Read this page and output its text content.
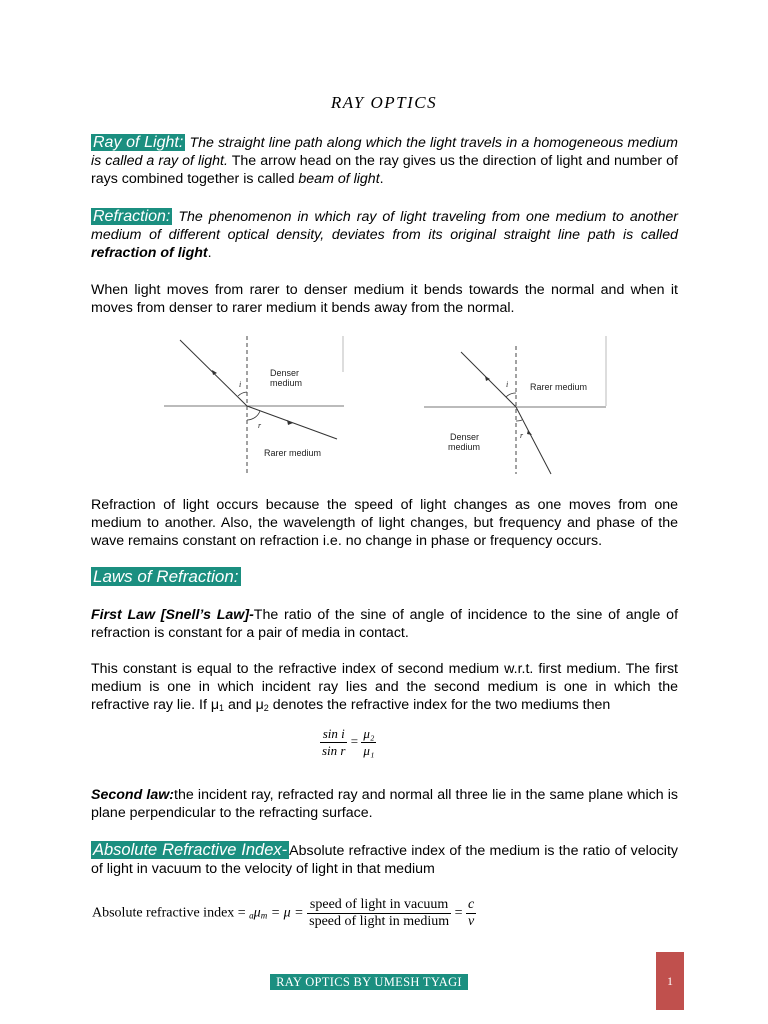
RAY OPTICS
Ray of Light: The straight line path along which the light travels in a homogeneous medium is called a ray of light. The arrow head on the ray gives us the direction of light and number of rays combined together is called beam of light.
Refraction: The phenomenon in which ray of light traveling from one medium to another medium of different optical density, deviates from its original straight line path is called refraction of light.
When light moves from rarer to denser medium it bends towards the normal and when it moves from denser to rarer medium it bends away from the normal.
i
r
Denser
medium
Rarer medium
i
r
Rarer medium
Denser
medium
Refraction of light occurs because the speed of light changes as one moves from one medium to another. Also, the wavelength of light changes, but frequency and phase of the wave remains constant on refraction i.e. no change in phase or frequency occurs.
Laws of Refraction:
First Law [Snell’s Law]-The ratio of the sine of angle of incidence to the sine of angle of refraction is constant for a pair of media in contact.
This constant is equal to the refractive index of second medium w.r.t. first medium. The first medium is one in which incident ray lies and the second medium is one in which the refractive ray lie. If $\mu_1$ and $\mu_2$ denotes the refractive index for the two mediums then
$\frac{\text{sin i}}{\text{sin r}} = \frac{\text{μ₂}}{\text{μ₁}}$
Second law:the incident ray, refracted ray and normal all three lie in the same plane which is plane perpendicular to the refracting surface.
Absolute Refractive Index- Absolute refractive index of the medium is the ratio of velocity of light in vacuum to the velocity of light in that medium
Absolute refractive index = $_a\mu_m = \mu = \frac{\text{speed of light in vacuum}}{\text{speed of light in medium}} = \frac{c}{v}$
RAY OPTICS BY UMESH TYAGI	1
